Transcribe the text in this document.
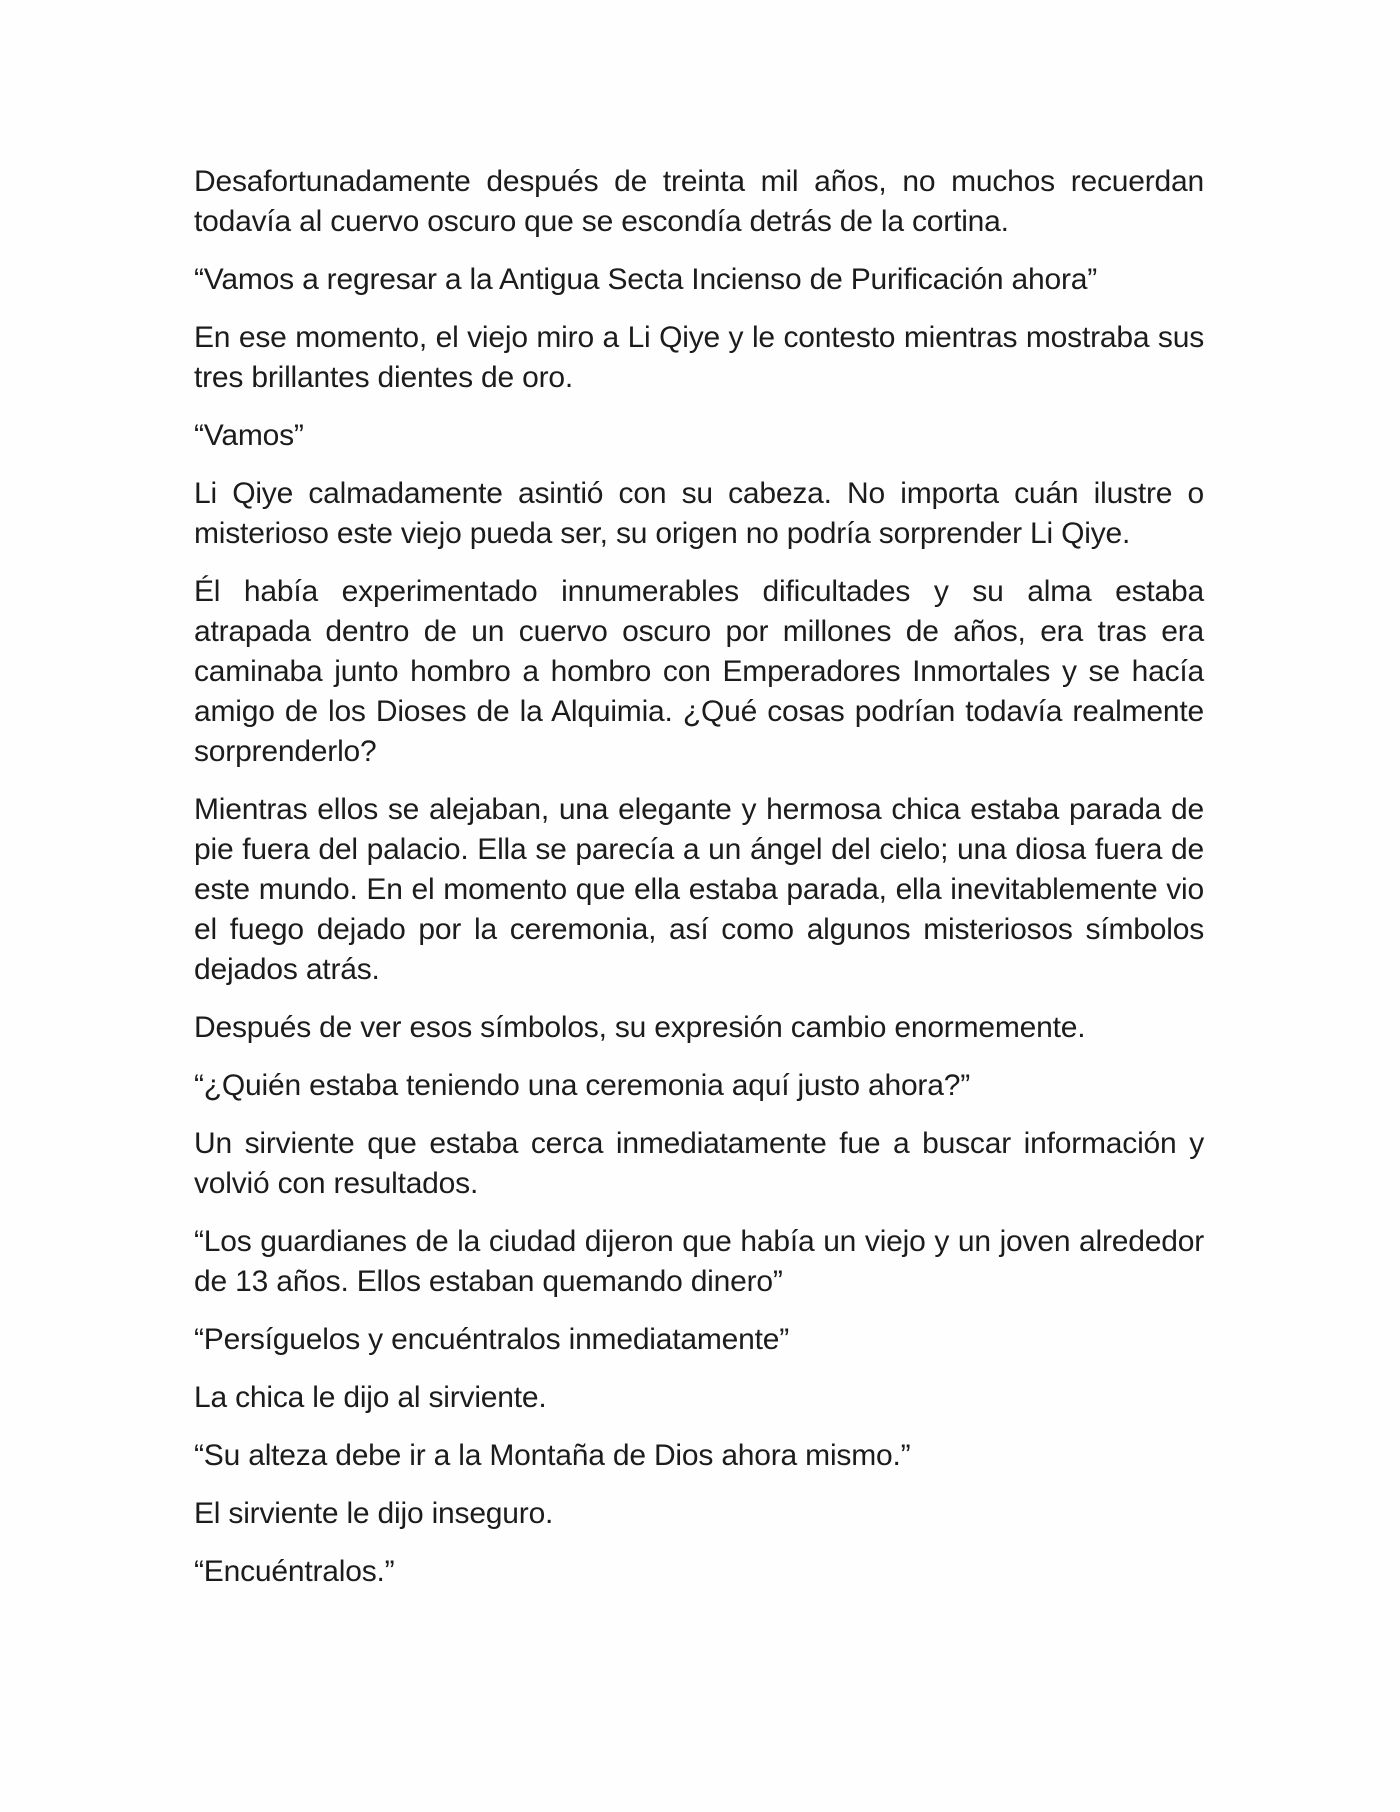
Desafortunadamente después de treinta mil años, no muchos recuerdan todavía al cuervo oscuro que se escondía detrás de la cortina.

“Vamos a regresar a la Antigua Secta Incienso de Purificación ahora”

En ese momento, el viejo miro a Li Qiye y le contesto mientras mostraba sus tres brillantes dientes de oro.

“Vamos”

Li Qiye calmadamente asintió con su cabeza. No importa cuán ilustre o misterioso este viejo pueda ser, su origen no podría sorprender Li Qiye.

Él había experimentado innumerables dificultades y su alma estaba atrapada dentro de un cuervo oscuro por millones de años, era tras era caminaba junto hombro a hombro con Emperadores Inmortales y se hacía amigo de los Dioses de la Alquimia. ¿Qué cosas podrían todavía realmente sorprenderlo?

Mientras ellos se alejaban, una elegante y hermosa chica estaba parada de pie fuera del palacio. Ella se parecía a un ángel del cielo; una diosa fuera de este mundo. En el momento que ella estaba parada, ella inevitablemente vio el fuego dejado por la ceremonia, así como algunos misteriosos símbolos dejados atrás.

Después de ver esos símbolos, su expresión cambio enormemente.

“¿Quién estaba teniendo una ceremonia aquí justo ahora?”

Un sirviente que estaba cerca inmediatamente fue a buscar información y volvió con resultados.

“Los guardianes de la ciudad dijeron que había un viejo y un joven alrededor de 13 años. Ellos estaban quemando dinero”

“Persíguelos y encuéntralos inmediatamente”

La chica le dijo al sirviente.

“Su alteza debe ir a la Montaña de Dios ahora mismo.”

El sirviente le dijo inseguro.

“Encuéntralos.”
